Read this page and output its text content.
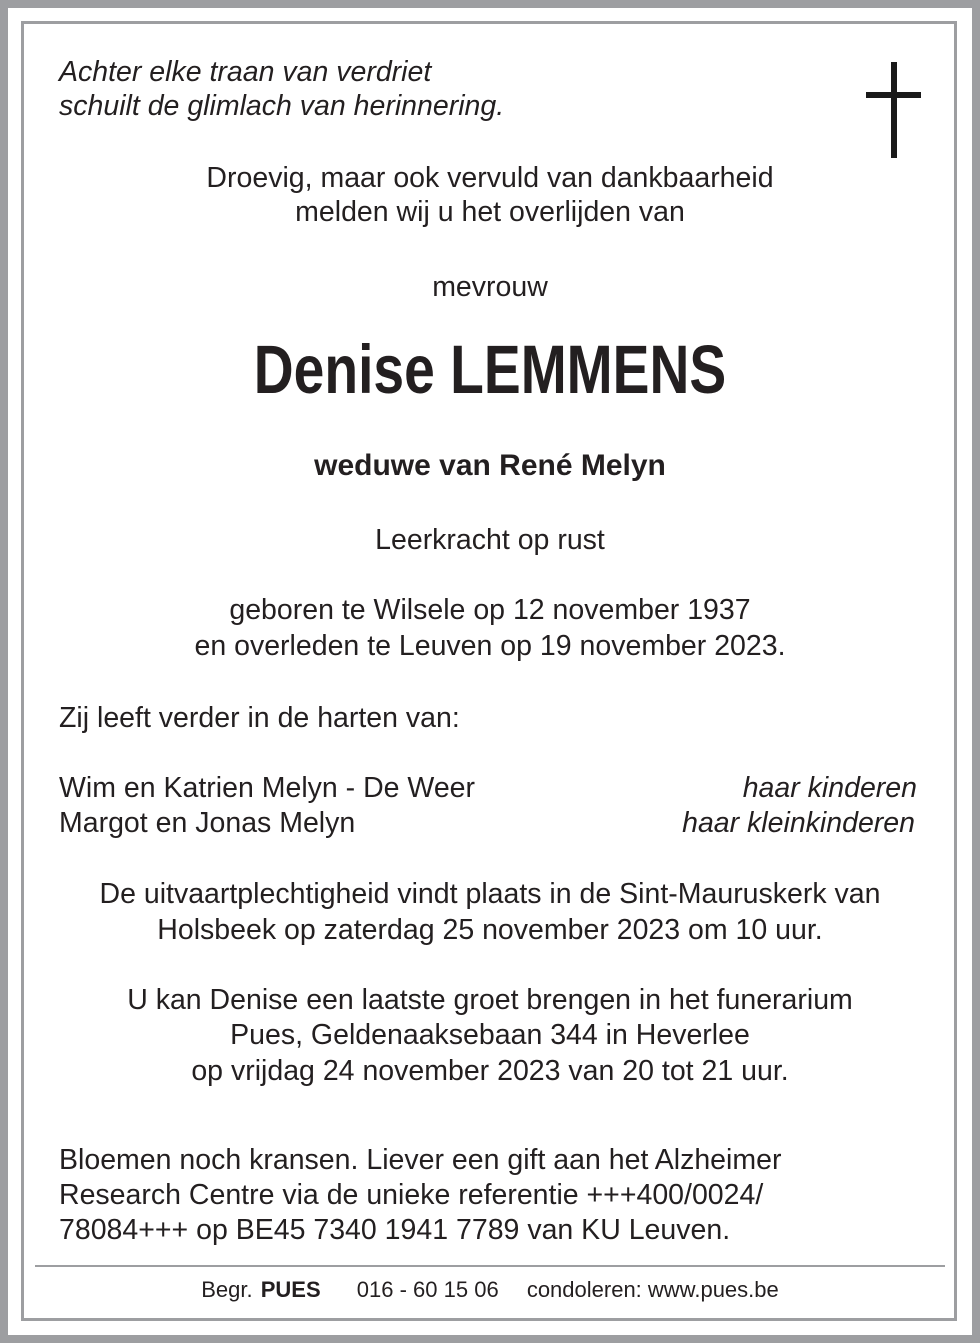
Achter elke traan van verdriet
schuilt de glimlach van herinnering.
Droevig, maar ook vervuld van dankbaarheid
melden wij u het overlijden van
mevrouw
Denise LEMMENS
weduwe van René Melyn
Leerkracht op rust
geboren te Wilsele op 12 november 1937
en overleden te Leuven op 19 november 2023.
Zij leeft verder in de harten van:
Wim en Katrien Melyn - De Weer	haar kinderen
Margot en Jonas Melyn	haar kleinkinderen
De uitvaartplechtigheid vindt plaats in de Sint-Mauruskerk van
Holsbeek op zaterdag 25 november 2023 om 10 uur.
U kan Denise een laatste groet brengen in het funerarium
Pues, Geldenaaksebaan 344 in Heverlee
op vrijdag 24 november 2023 van 20 tot 21 uur.
Bloemen noch kransen. Liever een gift aan het Alzheimer
Research Centre via de unieke referentie +++400/0024/
78084+++ op BE45 7340 1941 7789 van KU Leuven.
Begr. PUES 016 - 60 15 06 condoleren: www.pues.be
